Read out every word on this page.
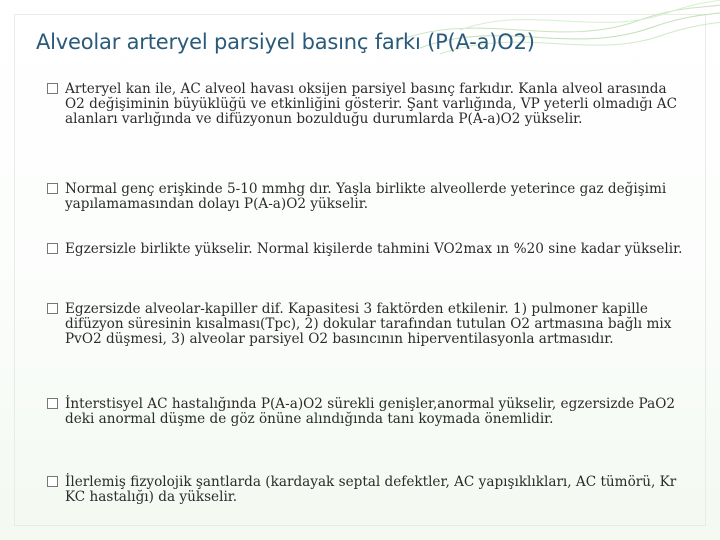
Alveolar arteryel parsiyel basınç farkı (P(A-a)O2)
Arteryel kan ile, AC alveol havası oksijen parsiyel basınç farkıdır. Kanla alveol arasında O2 değişiminin büyüklüğü ve etkinliğini gösterir. Şant varlığında, VP yeterli olmadığı AC alanları varlığında ve difüzyonun bozulduğu durumlarda P(A-a)O2 yükselir.
Normal genç erişkinde 5-10 mmhg dır. Yaşla birlikte alveollerde yeterince gaz değişimi yapılamamasından dolayı P(A-a)O2 yükselir.
Egzersizle birlikte yükselir. Normal kişilerde tahmini VO2max ın %20 sine kadar yükselir.
Egzersizde alveolar-kapiller dif. Kapasitesi 3 faktörden etkilenir. 1) pulmoner kapille difüzyon süresinin kısalması(Tpc), 2) dokular tarafından tutulan O2 artmasına bağlı mix PvO2 düşmesi, 3) alveolar parsiyel O2 basıncının hiperventilasyonla artmasıdır.
İnterstisyel AC hastalığında P(A-a)O2 sürekli genişler,anormal yükselir, egzersizde PaO2 deki anormal düşme de göz önüne alındığında tanı koymada önemlidir.
İlerlemiş fizyolojik şantlarda (kardayak septal defektler, AC yapışıklıkları, AC tümörü, Kr KC hastalığı) da yükselir.
